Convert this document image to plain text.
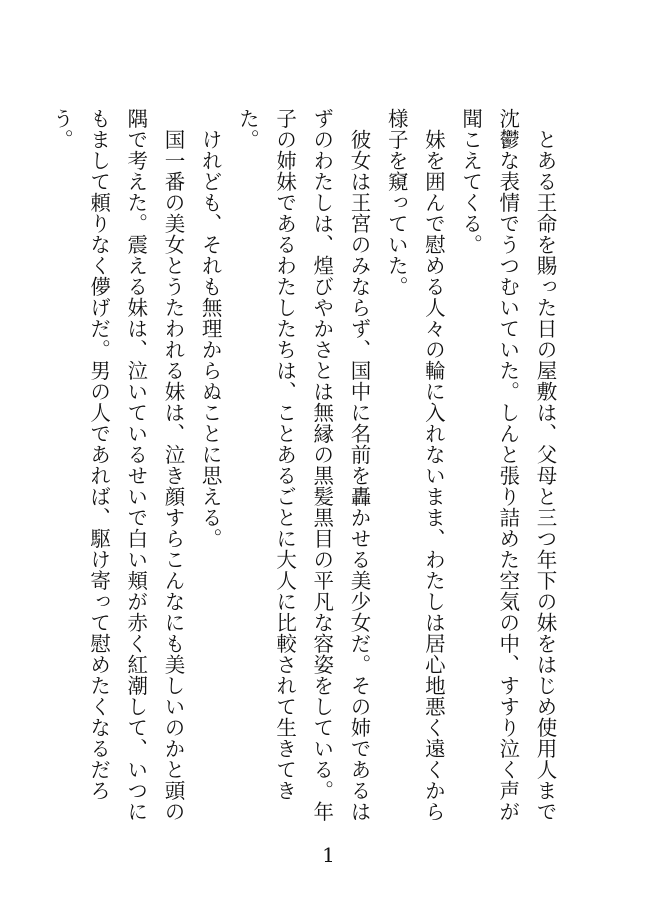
とある王命を賜った日の屋敷は、父母と三つ年下の妹をはじめ使用人まで沈鬱な表情でうつむいていた。しんと張り詰めた空気の中、すすり泣く声が聞こえてくる。

妹を囲んで慰める人々の輪に入れないまま、わたしは居心地悪く遠くから様子を窺っていた。

彼女は王宮のみならず、国中に名前を轟かせる美少女だ。その姉であるはずのわたしは、煌びやかさとは無縁の黒髪黒目の平凡な容姿をしている。年子の姉妹であるわたしたちは、ことあるごとに大人に比較されて生きてきた。

けれども、それも無理からぬことに思える。

国一番の美女とうたわれる妹は、泣き顔すらこんなにも美しいのかと頭の隅で考えた。震える妹は、泣いているせいで白い頬が赤く紅潮して、いつにもまして頼りなく儚げだ。男の人であれば、駆け寄って慰めたくなるだろう。

1
